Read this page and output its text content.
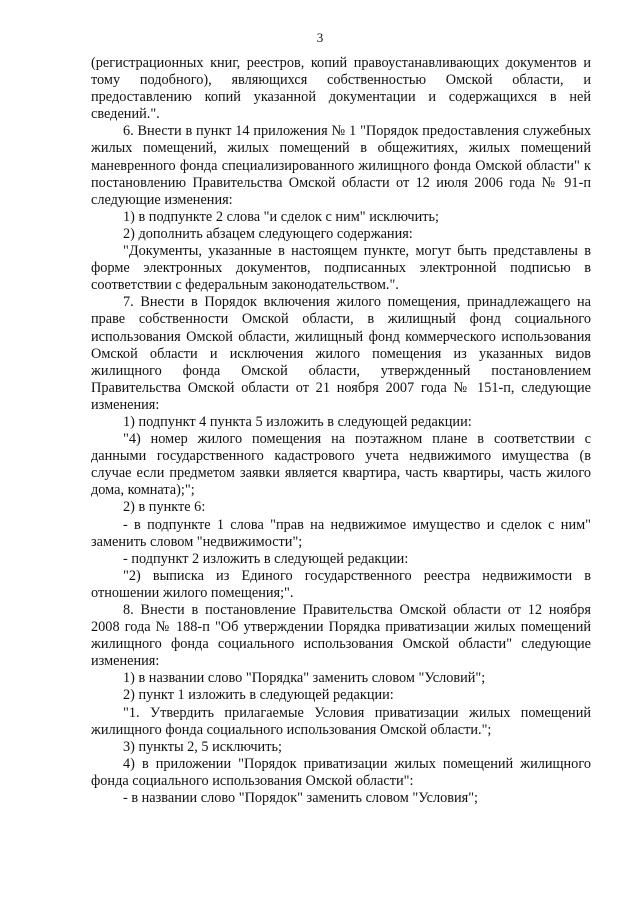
3

(регистрационных книг, реестров, копий правоустанавливающих документов и тому подобного), являющихся собственностью Омской области, и предоставлению копий указанной документации и содержащихся в ней сведений.".

6. Внести в пункт 14 приложения № 1 "Порядок предоставления служебных жилых помещений, жилых помещений в общежитиях, жилых помещений маневренного фонда специализированного жилищного фонда Омской области" к постановлению Правительства Омской области от 12 июля 2006 года № 91-п следующие изменения:

1) в подпункте 2 слова "и сделок с ним" исключить;

2) дополнить абзацем следующего содержания:

"Документы, указанные в настоящем пункте, могут быть представлены в форме электронных документов, подписанных электронной подписью в соответствии с федеральным законодательством.".

7. Внести в Порядок включения жилого помещения, принадлежащего на праве собственности Омской области, в жилищный фонд социального использования Омской области, жилищный фонд коммерческого использования Омской области и исключения жилого помещения из указанных видов жилищного фонда Омской области, утвержденный постановлением Правительства Омской области от 21 ноября 2007 года № 151-п, следующие изменения:

1) подпункт 4 пункта 5 изложить в следующей редакции:

"4) номер жилого помещения на поэтажном плане в соответствии с данными государственного кадастрового учета недвижимого имущества (в случае если предметом заявки является квартира, часть квартиры, часть жилого дома, комната);";

2) в пункте 6:

- в подпункте 1 слова "прав на недвижимое имущество и сделок с ним" заменить словом "недвижимости";

- подпункт 2 изложить в следующей редакции:

"2) выписка из Единого государственного реестра недвижимости в отношении жилого помещения;".

8. Внести в постановление Правительства Омской области от 12 ноября 2008 года № 188-п "Об утверждении Порядка приватизации жилых помещений жилищного фонда социального использования Омской области" следующие изменения:

1) в названии слово "Порядка" заменить словом "Условий";

2) пункт 1 изложить в следующей редакции:

"1. Утвердить прилагаемые Условия приватизации жилых помещений жилищного фонда социального использования Омской области.";

3) пункты 2, 5 исключить;

4) в приложении "Порядок приватизации жилых помещений жилищного фонда социального использования Омской области":

- в названии слово "Порядок" заменить словом "Условия";
